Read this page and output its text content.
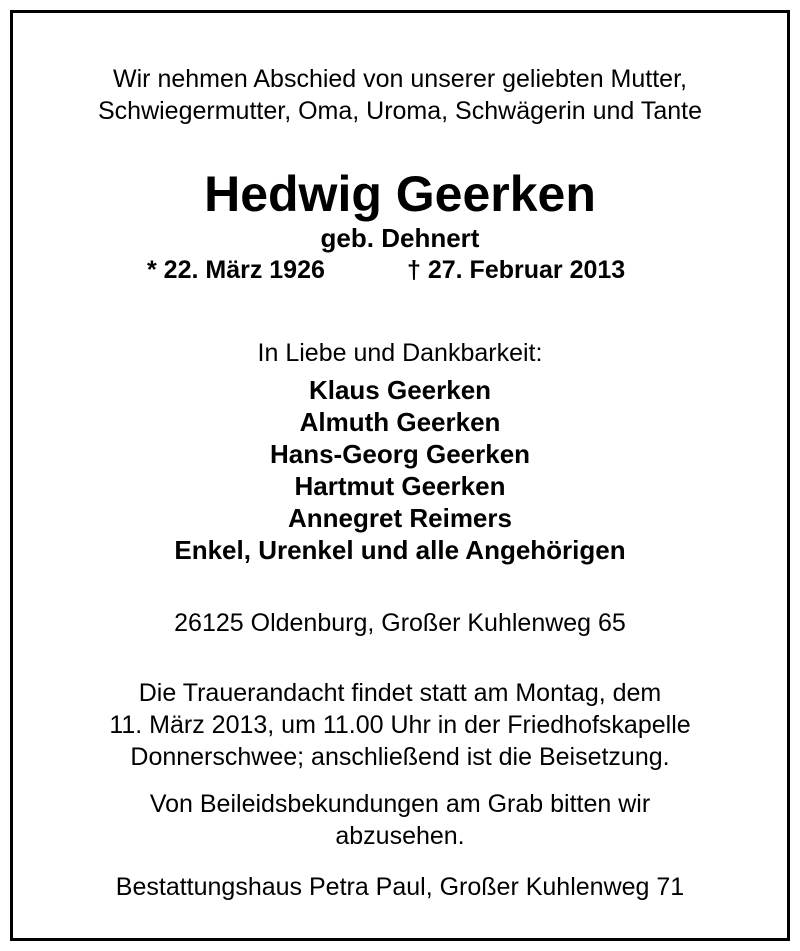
Wir nehmen Abschied von unserer geliebten Mutter,
Schwiegermutter, Oma, Uroma, Schwägerin und Tante
Hedwig Geerken
geb. Dehnert
* 22. März 1926	† 27. Februar 2013
In Liebe und Dankbarkeit:
Klaus Geerken
Almuth Geerken
Hans-Georg Geerken
Hartmut Geerken
Annegret Reimers
Enkel, Urenkel und alle Angehörigen
26125 Oldenburg, Großer Kuhlenweg 65
Die Trauerandacht findet statt am Montag, dem
11. März 2013, um 11.00 Uhr in der Friedhofskapelle
Donnerschwee; anschließend ist die Beisetzung.
Von Beileidsbekundungen am Grab bitten wir
abzusehen.
Bestattungshaus Petra Paul, Großer Kuhlenweg 71
